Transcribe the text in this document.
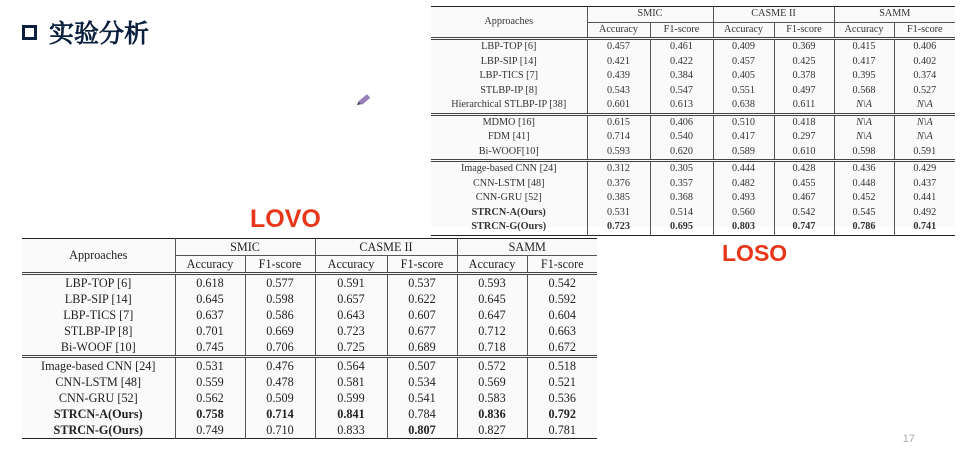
实验分析
LOVO
LOSO
Approaches	SMIC		CASME II		SAMM	
	Accuracy	F1-score	Accuracy	F1-score	Accuracy	F1-score
LBP-TOP [6]	0.457	0.461	0.409	0.369	0.415	0.406
LBP-SIP [14]	0.421	0.422	0.457	0.425	0.417	0.402
LBP-TICS [7]	0.439	0.384	0.405	0.378	0.395	0.374
STLBP-IP [8]	0.543	0.547	0.551	0.497	0.568	0.527
Hierarchical STLBP-IP [38]	0.601	0.613	0.638	0.611	N\A	N\A
MDMO [16]	0.615	0.406	0.510	0.418	N\A	N\A
FDM [41]	0.714	0.540	0.417	0.297	N\A	N\A
Bi-WOOF[10]	0.593	0.620	0.589	0.610	0.598	0.591
Image-based CNN [24]	0.312	0.305	0.444	0.428	0.436	0.429
CNN-LSTM [48]	0.376	0.357	0.482	0.455	0.448	0.437
CNN-GRU [52]	0.385	0.368	0.493	0.467	0.452	0.441
STRCN-A(Ours)	0.531	0.514	0.560	0.542	0.545	0.492
STRCN-G(Ours)	0.723	0.695	0.803	0.747	0.786	0.741
Approaches	SMIC		CASME II		SAMM	
	Accuracy	F1-score	Accuracy	F1-score	Accuracy	F1-score
LBP-TOP [6]	0.618	0.577	0.591	0.537	0.593	0.542
LBP-SIP [14]	0.645	0.598	0.657	0.622	0.645	0.592
LBP-TICS [7]	0.637	0.586	0.643	0.607	0.647	0.604
STLBP-IP [8]	0.701	0.669	0.723	0.677	0.712	0.663
Bi-WOOF [10]	0.745	0.706	0.725	0.689	0.718	0.672
Image-based CNN [24]	0.531	0.476	0.564	0.507	0.572	0.518
CNN-LSTM [48]	0.559	0.478	0.581	0.534	0.569	0.521
CNN-GRU [52]	0.562	0.509	0.599	0.541	0.583	0.536
STRCN-A(Ours)	0.758	0.714	0.841	0.784	0.836	0.792
STRCN-G(Ours)	0.749	0.710	0.833	0.807	0.827	0.781
17
